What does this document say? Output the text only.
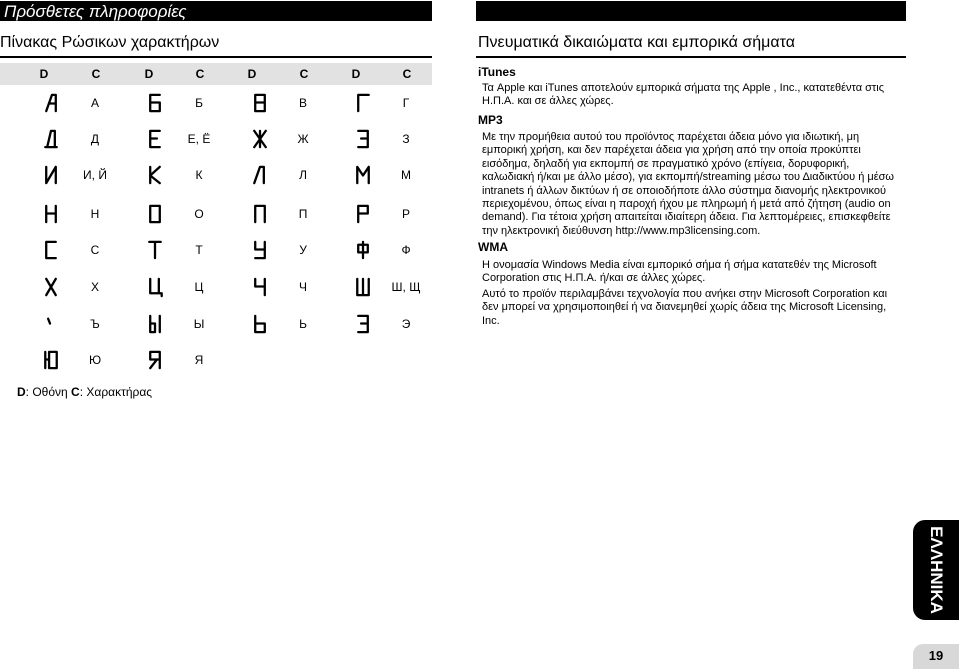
Πρόσθετες πληροφορίες
Πίνακας Ρώσικων χαρακτήρων
D	C	D	C	D	C	D	C
А	Б	В	Г
Д	Е, Ё	Ж	З
И, Й	К	Л	М
Н	О	П	Р
С	Т	У	Ф
Х	Ц	Ч	Ш, Щ
Ъ	Ы	Ь	Э
Ю	Я
D: Οθόνη C: Χαρακτήρας
Πνευματικά δικαιώματα και εμπορικά σήματα
iTunes
Τα Apple και iTunes αποτελούν εμπορικά σήματα της Apple , Inc., κατατεθέντα στις Η.Π.Α. και σε άλλες χώρες.
MP3
Με την προμήθεια αυτού του προϊόντος παρέχεται άδεια μόνο για ιδιωτική, μη εμπορική χρήση, και δεν παρέχεται άδεια για χρήση από την οποία προκύπτει εισόδημα, δηλαδή για εκπομπή σε πραγματικό χρόνο (επίγεια, δορυφορική, καλωδιακή ή/και με άλλο μέσο), για εκπομπή/streaming μέσω του Διαδικτύου ή μέσω intranets ή άλλων δικτύων ή σε οποιοδήποτε άλλο σύστημα διανομής ηλεκτρονικού περιεχομένου, όπως είναι η παροχή ήχου με πληρωμή ή μετά από ζήτηση (audio on demand). Για τέτοια χρήση απαιτείται ιδιαίτερη άδεια. Για λεπτομέρειες, επισκεφθείτε την ηλεκτρονική διεύθυνση http://www.mp3licensing.com.
WMA
Η ονομασία Windows Media είναι εμπορικό σήμα ή σήμα κατατεθέν της Microsoft Corporation στις Η.Π.Α. ή/και σε άλλες χώρες.
Αυτό το προϊόν περιλαμβάνει τεχνολογία που ανήκει στην Microsoft Corporation και δεν μπορεί να χρησιμοποιηθεί ή να διανεμηθεί χωρίς άδεια της Microsoft Licensing, Inc.
ΕΛΛΗΝΙΚΑ
19
